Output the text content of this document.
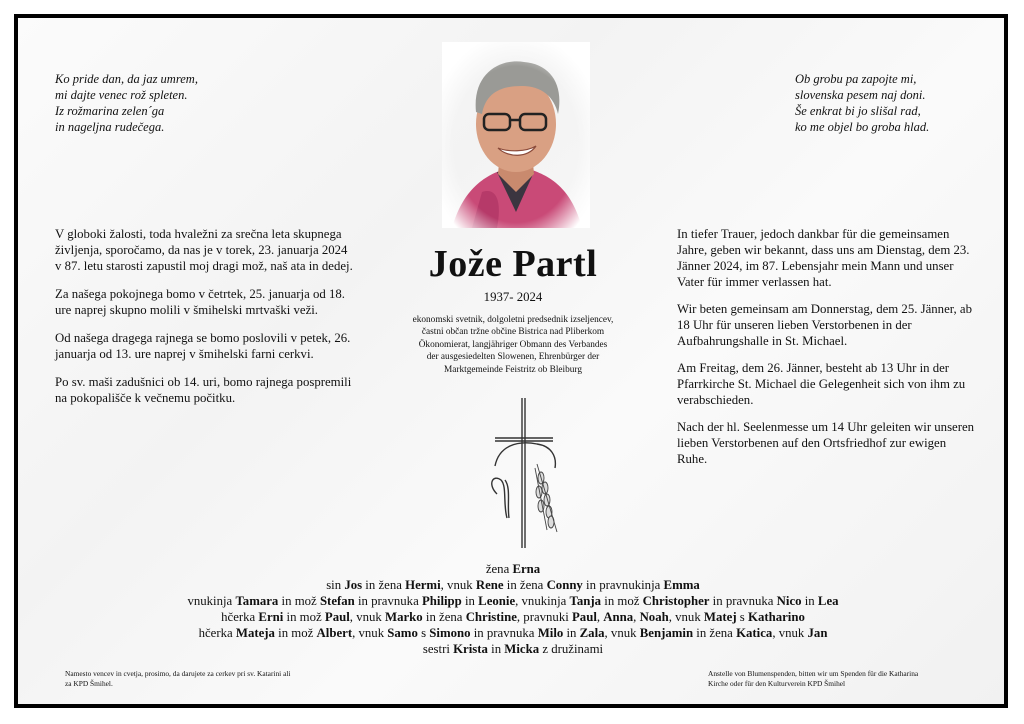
Ko pride dan, da jaz umrem,
mi dajte venec rož spleten.
Iz rožmarina zelen´ga
in nageljna rudečega.
Ob grobu pa zapojte mi,
slovenska pesem naj doni.
Še enkrat bi jo slišal rad,
ko me objel bo groba hlad.

V globoki žalosti, toda hvaležni za srečna leta skupnega življenja, sporočamo, da nas je v torek, 23. januarja 2024 v 87. letu starosti zapustil moj dragi mož, naš ata in dedej.

Za našega pokojnega bomo v četrtek, 25. januarja od 18. ure naprej skupno molili v šmihelski mrtvaški veži.

Od našega dragega rajnega se bomo poslovili v petek, 26. januarja od 13. ure naprej v šmihelski farni cerkvi.

Po sv. maši zadušnici ob 14. uri, bomo rajnega pospremili na pokopališče k večnemu počitku.

In tiefer Trauer, jedoch dankbar für die gemeinsamen Jahre, geben wir bekannt, dass uns am Dienstag, dem 23. Jänner 2024, im 87. Lebensjahr mein Mann und unser Vater für immer verlassen hat.

Wir beten gemeinsam am Donnerstag, dem 25. Jänner, ab 18 Uhr für unseren lieben Verstorbenen in der Aufbahrungshalle in St. Michael.

Am Freitag, dem 26. Jänner, besteht ab 13 Uhr in der Pfarrkirche St. Michael die Gelegenheit sich von ihm zu verabschieden.

Nach der hl. Seelenmesse um 14 Uhr geleiten wir unseren lieben Verstorbenen auf den Ortsfriedhof zur ewigen Ruhe.

Jože Partl
1937- 2024
ekonomski svetnik, dolgoletni predsednik izseljencev,
častni občan tržne občine Bistrica nad Pliberkom
Ökonomierat, langjähriger Obmann des Verbandes
der ausgesiedelten Slowenen, Ehrenbürger der
Marktgemeinde Feistritz ob Bleiburg
žena Erna
sin Jos in žena Hermi, vnuk Rene in žena Conny in pravnukinja Emma
vnukinja Tamara in mož Stefan in pravnuka Philipp in Leonie, vnukinja Tanja in mož Christopher in pravnuka Nico in Lea
hčerka Erni in mož Paul, vnuk Marko in žena Christine, pravnuki Paul, Anna, Noah, vnuk Matej s Katharino
hčerka Mateja in mož Albert, vnuk Samo s Simono in pravnuka Milo in Zala, vnuk Benjamin in žena Katica, vnuk Jan
sestri Krista in Micka z družinami
Namesto vencev in cvetja, prosimo, da darujete za cerkev pri sv. Katarini ali
za KPD Šmihel.
Anstelle von Blumenspenden, bitten wir um Spenden für die Katharina
Kirche oder für den Kulturverein KPD Šmihel
